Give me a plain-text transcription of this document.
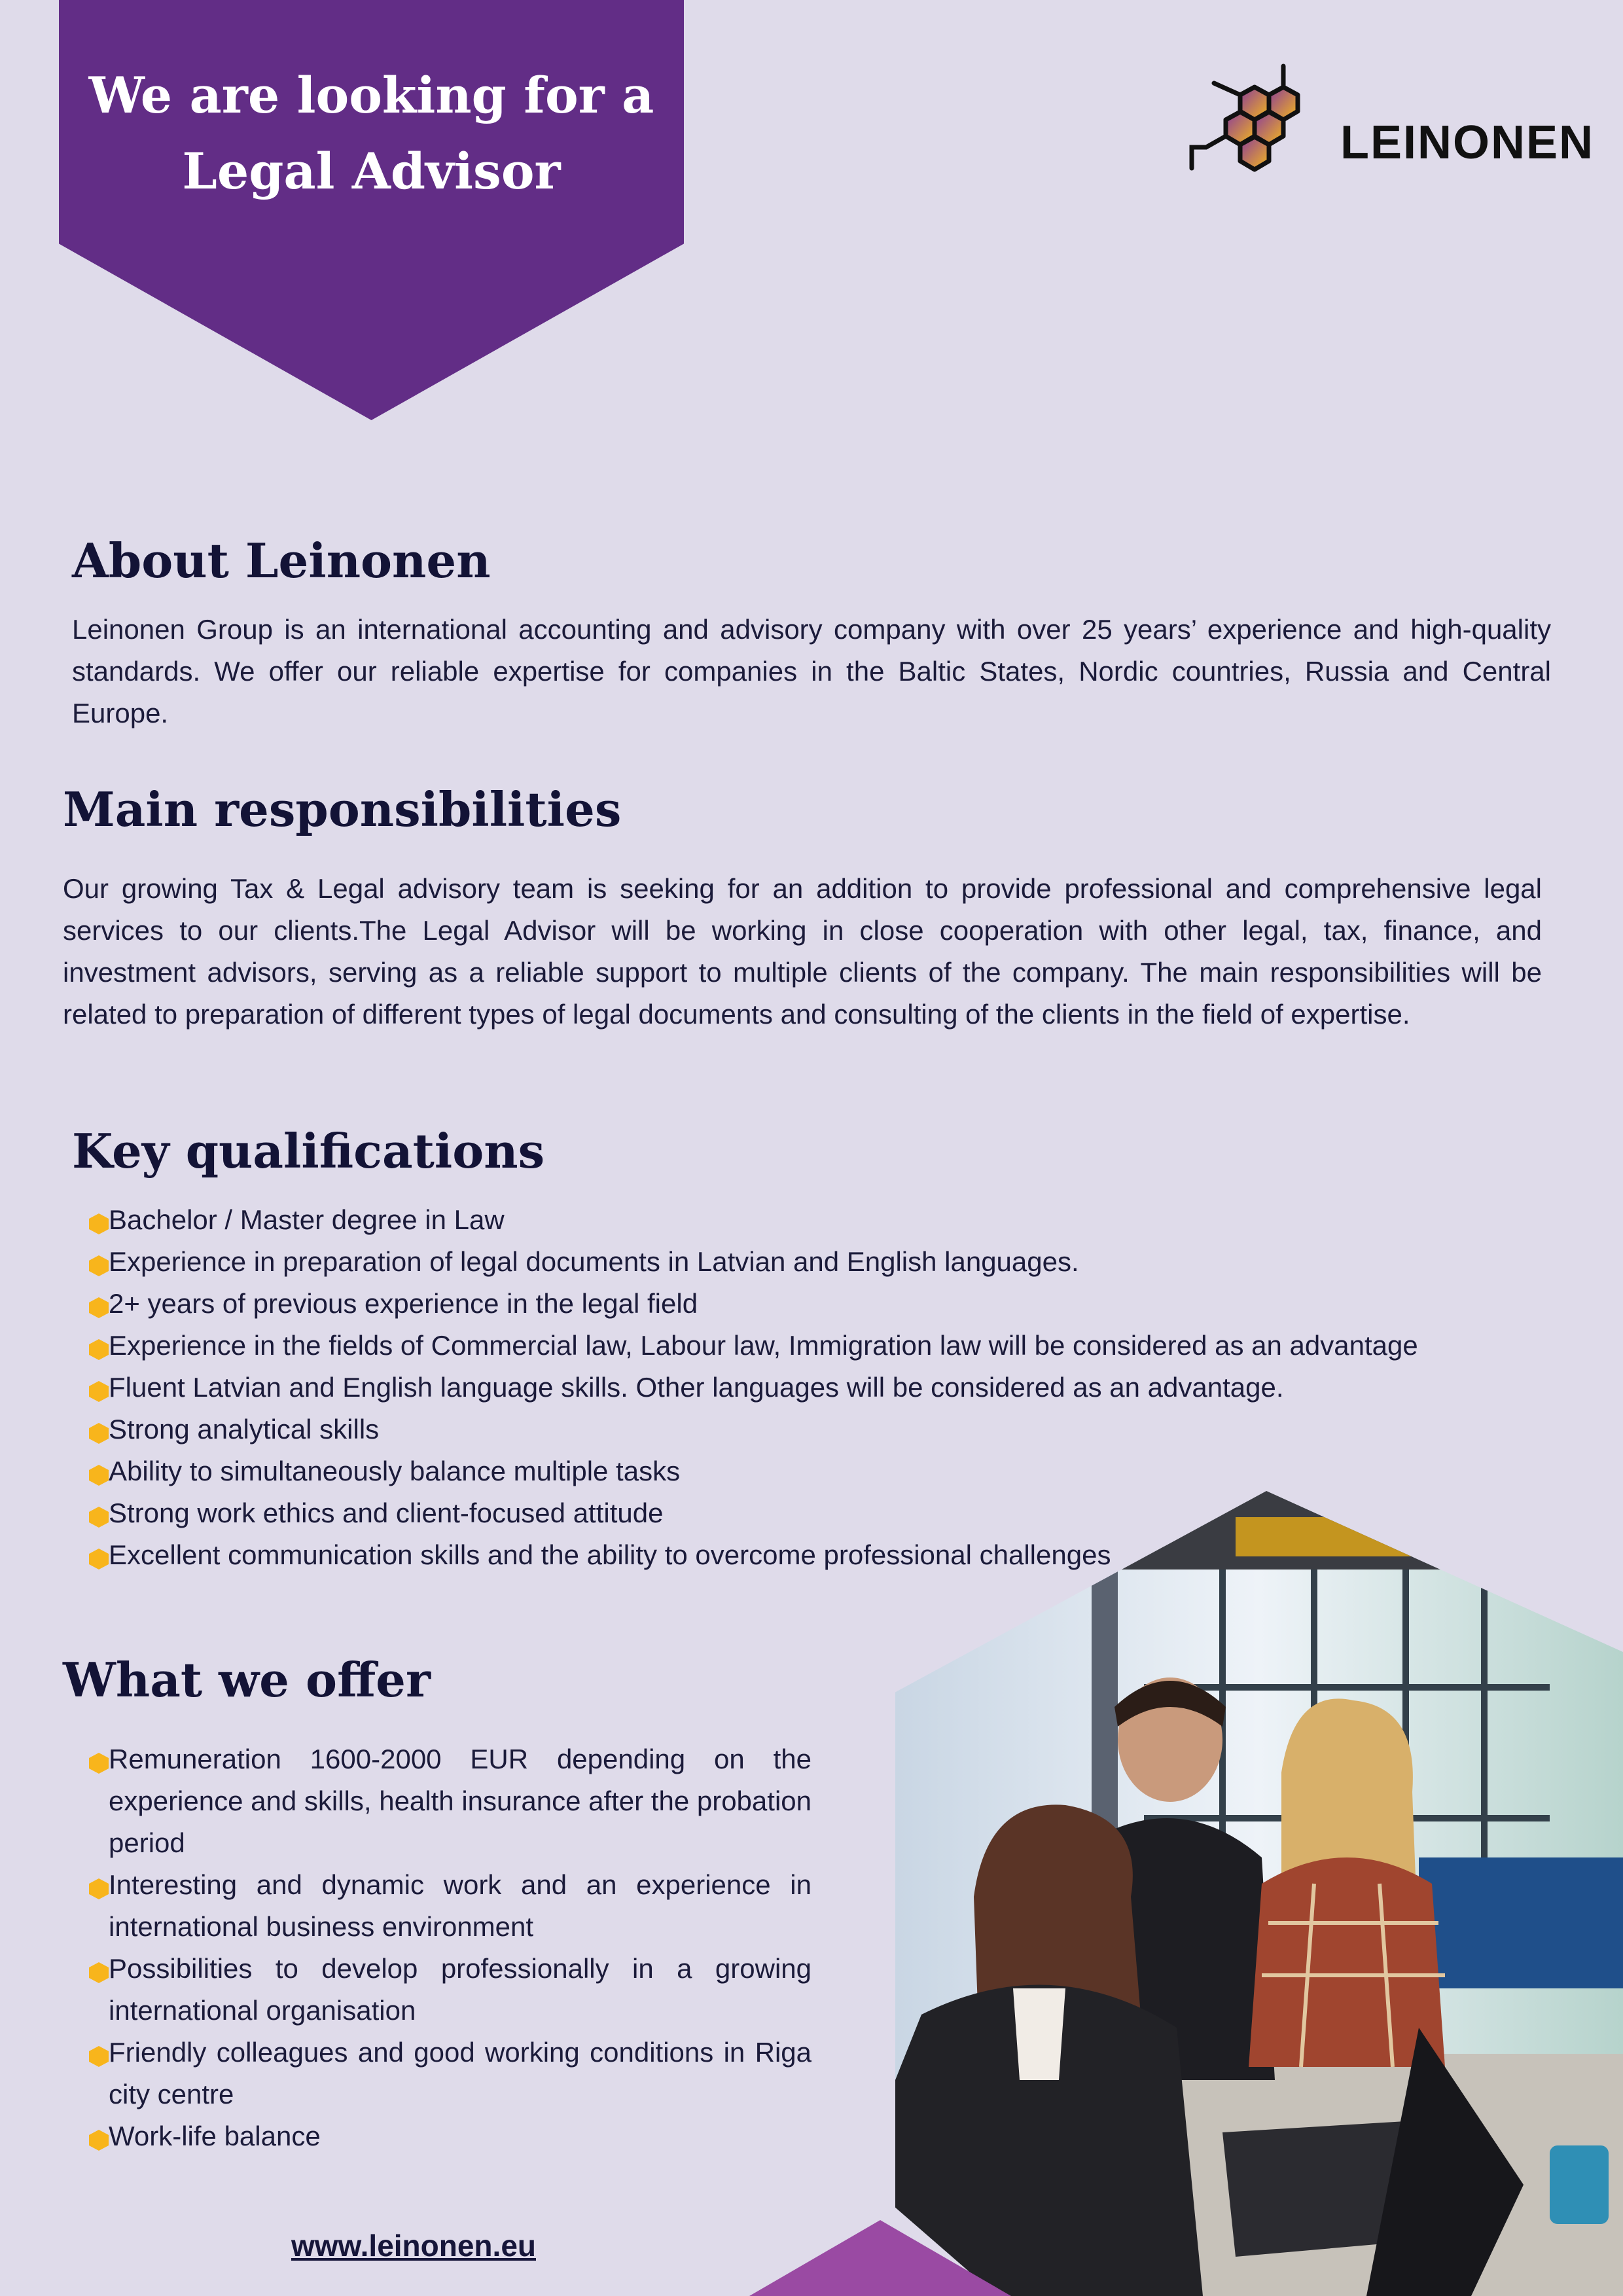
We are looking for a
Legal Advisor	LEINONEN
About Leinonen

Leinonen Group is an international accounting and advisory company with over 25 years’ experience and high-quality standards. We offer our reliable expertise for companies in the Baltic States, Nordic countries, Russia and Central Europe.

Main responsibilities

Our growing Tax & Legal advisory team is seeking for an addition to provide professional and comprehensive legal services to our clients.The Legal Advisor will be working in close cooperation with other legal, tax, finance, and investment advisors, serving as a reliable support to multiple clients of the company. The main responsibilities will be related to preparation of different types of legal documents and consulting of the clients in the field of expertise.

Key qualifications
Bachelor / Master degree in Law
Experience in preparation of legal documents in Latvian and English languages.
2+ years of previous experience in the legal field
Experience in the fields of Commercial law, Labour law, Immigration law will be considered as an advantage
Fluent Latvian and English language skills. Other languages will be considered as an advantage.
Strong analytical skills
Ability to simultaneously balance multiple tasks
Strong work ethics and client-focused attitude
Excellent communication skills and the ability to overcome professional challenges
What we offer
Remuneration 1600-2000 EUR depending on the experience and skills, health insurance after the probation period
Interesting and dynamic work and an experience in international business environment
Possibilities to develop professionally in a growing international organisation
Friendly colleagues and good working conditions in Riga city centre
Work-life balance
www.leinonen.eu
